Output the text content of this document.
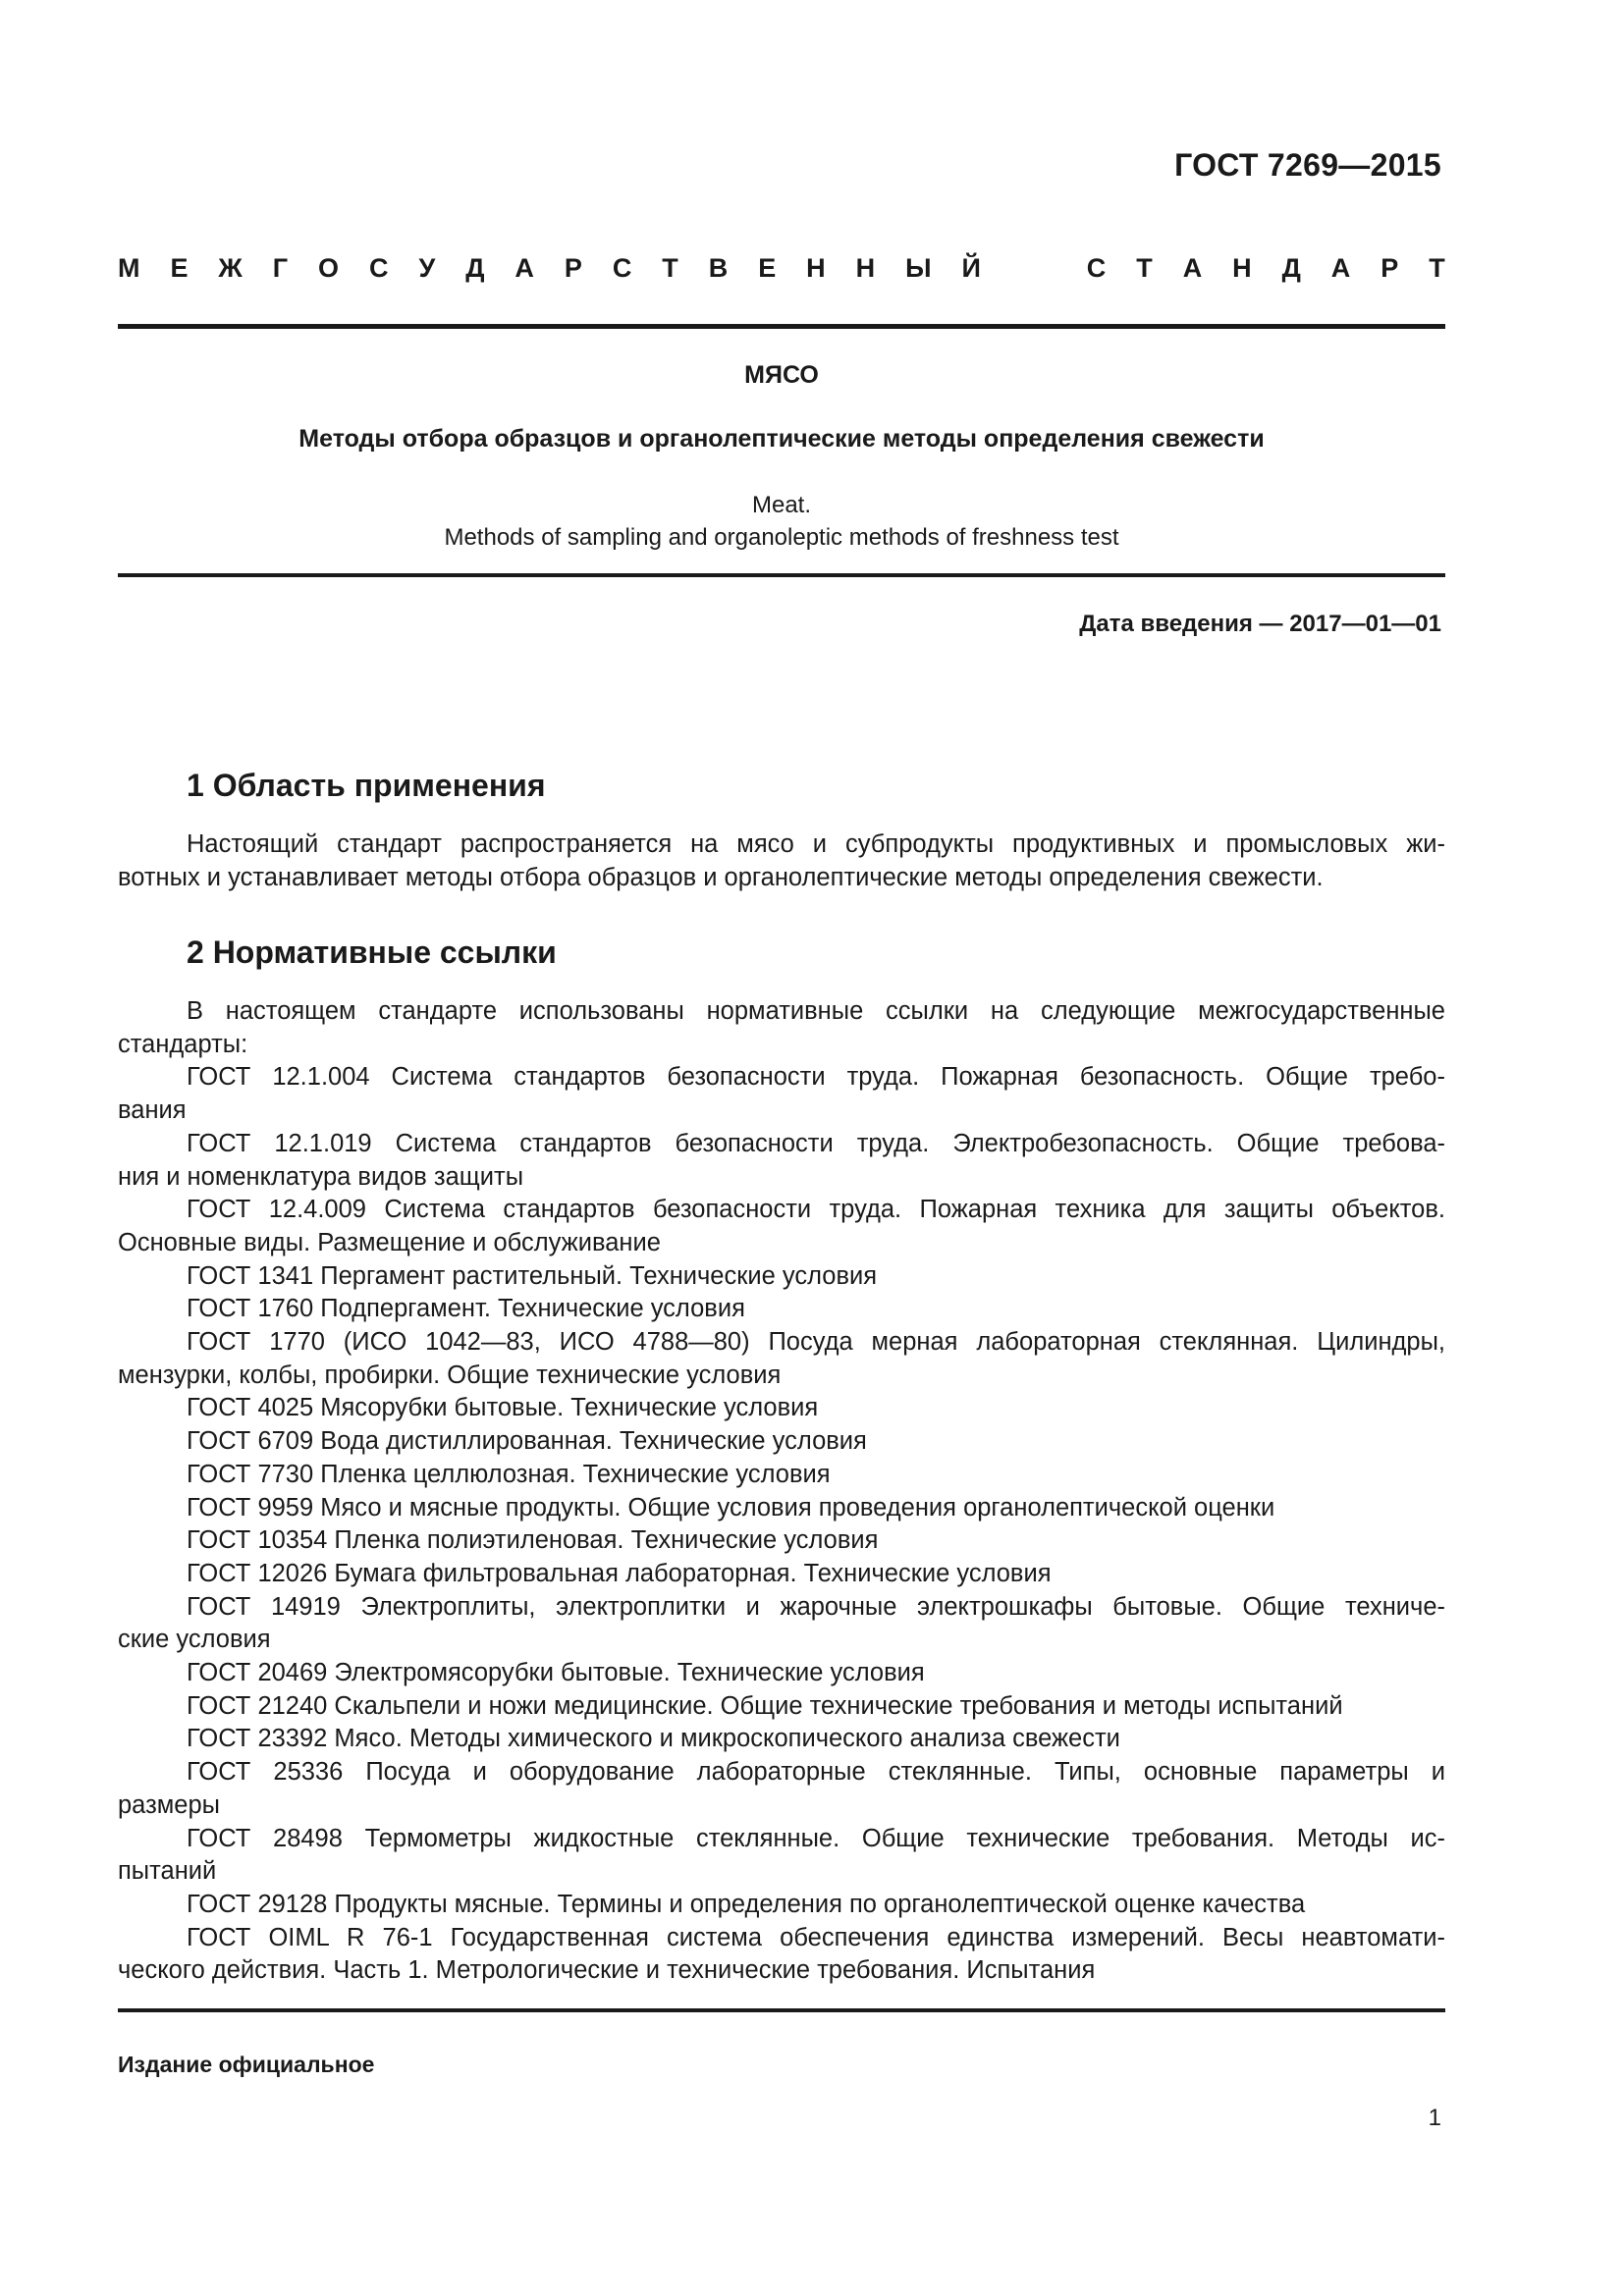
ГОСТ 7269—2015
М Е Ж Г О С У Д А Р С Т В Е Н Н Ы Й	С Т А Н Д А Р Т
МЯСО
Методы отбора образцов и органолептические методы определения свежести
Meat.
Methods of sampling and organoleptic methods of freshness test
Дата введения — 2017—01—01
1 Область применения
Настоящий стандарт распространяется на мясо и субпродукты продуктивных и промысловых жи-
вотных и устанавливает методы отбора образцов и органолептические методы определения свежести.
2 Нормативные ссылки
В настоящем стандарте использованы нормативные ссылки на следующие межгосударственные
стандарты:
ГОСТ 12.1.004 Система стандартов безопасности труда. Пожарная безопасность. Общие требо-
вания
ГОСТ 12.1.019 Система стандартов безопасности труда. Электробезопасность. Общие требова-
ния и номенклатура видов защиты
ГОСТ 12.4.009 Система стандартов безопасности труда. Пожарная техника для защиты объектов.
Основные виды. Размещение и обслуживание
ГОСТ 1341 Пергамент растительный. Технические условия
ГОСТ 1760 Подпергамент. Технические условия
ГОСТ 1770 (ИСО 1042—83, ИСО 4788—80) Посуда мерная лабораторная стеклянная. Цилиндры,
мензурки, колбы, пробирки. Общие технические условия
ГОСТ 4025 Мясорубки бытовые. Технические условия
ГОСТ 6709 Вода дистиллированная. Технические условия
ГОСТ 7730 Пленка целлюлозная. Технические условия
ГОСТ 9959 Мясо и мясные продукты. Общие условия проведения органолептической оценки
ГОСТ 10354 Пленка полиэтиленовая. Технические условия
ГОСТ 12026 Бумага фильтровальная лабораторная. Технические условия
ГОСТ 14919 Электроплиты, электроплитки и жарочные электрошкафы бытовые. Общие техниче-
ские условия
ГОСТ 20469 Электромясорубки бытовые. Технические условия
ГОСТ 21240 Скальпели и ножи медицинские. Общие технические требования и методы испытаний
ГОСТ 23392 Мясо. Методы химического и микроскопического анализа свежести
ГОСТ 25336 Посуда и оборудование лабораторные стеклянные. Типы, основные параметры и
размеры
ГОСТ 28498 Термометры жидкостные стеклянные. Общие технические требования. Методы ис-
пытаний
ГОСТ 29128 Продукты мясные. Термины и определения по органолептической оценке качества
ГОСТ OIML R 76-1 Государственная система обеспечения единства измерений. Весы неавтомати-
ческого действия. Часть 1. Метрологические и технические требования. Испытания
Издание официальное
1
